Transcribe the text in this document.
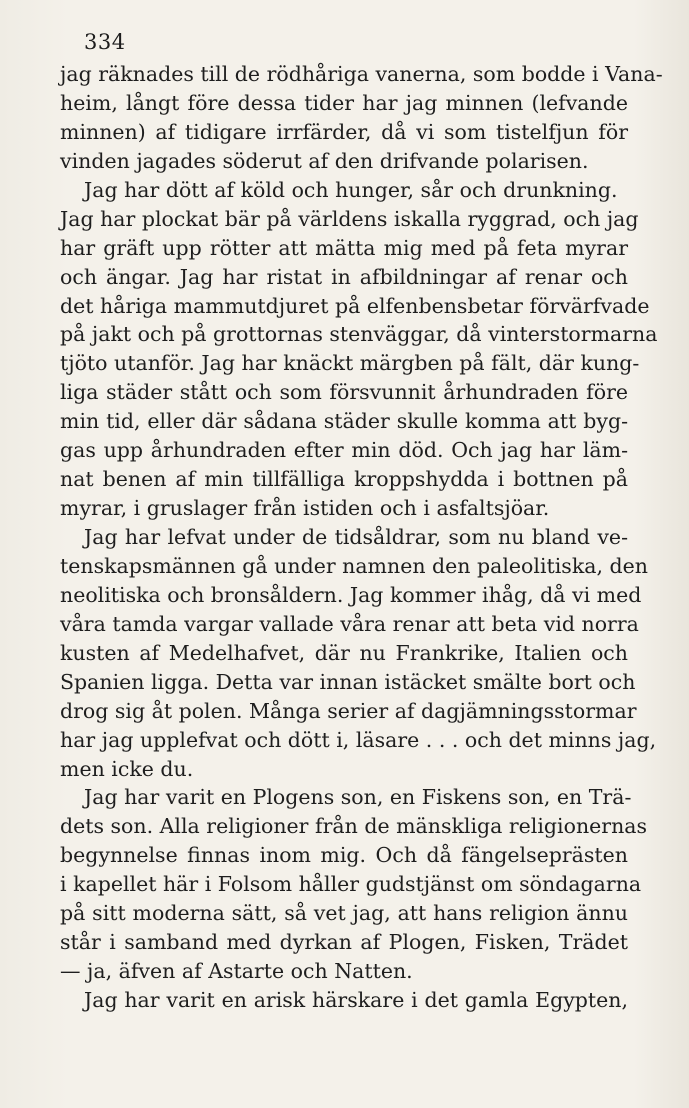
334
jag räknades till de rödhåriga vanerna, som bodde i Vana-
heim, långt före dessa tider har jag minnen (lefvande
minnen) af tidigare irrfärder, då vi som tistelfjun för
vinden jagades söderut af den drifvande polarisen.
Jag har dött af köld och hunger, sår och drunkning.
Jag har plockat bär på världens iskalla ryggrad, och jag
har gräft upp rötter att mätta mig med på feta myrar
och ängar. Jag har ristat in afbildningar af renar och
det håriga mammutdjuret på elfenbensbetar förvärfvade
på jakt och på grottornas stenväggar, då vinterstormarna
tjöto utanför. Jag har knäckt märgben på fält, där kung-
liga städer stått och som försvunnit århundraden före
min tid, eller där sådana städer skulle komma att byg-
gas upp århundraden efter min död. Och jag har läm-
nat benen af min tillfälliga kroppshydda i bottnen på
myrar, i gruslager från istiden och i asfaltsjöar.
Jag har lefvat under de tidsåldrar, som nu bland ve-
tenskapsmännen gå under namnen den paleolitiska, den
neolitiska och bronsåldern. Jag kommer ihåg, då vi med
våra tamda vargar vallade våra renar att beta vid norra
kusten af Medelhafvet, där nu Frankrike, Italien och
Spanien ligga. Detta var innan istäcket smälte bort och
drog sig åt polen. Många serier af dagjämningsstormar
har jag upplefvat och dött i, läsare . . . och det minns jag,
men icke du.
Jag har varit en Plogens son, en Fiskens son, en Trä-
dets son. Alla religioner från de mänskliga religionernas
begynnelse finnas inom mig. Och då fängelseprästen
i kapellet här i Folsom håller gudstjänst om söndagarna
på sitt moderna sätt, så vet jag, att hans religion ännu
står i samband med dyrkan af Plogen, Fisken, Trädet
— ja, äfven af Astarte och Natten.
Jag har varit en arisk härskare i det gamla Egypten,
